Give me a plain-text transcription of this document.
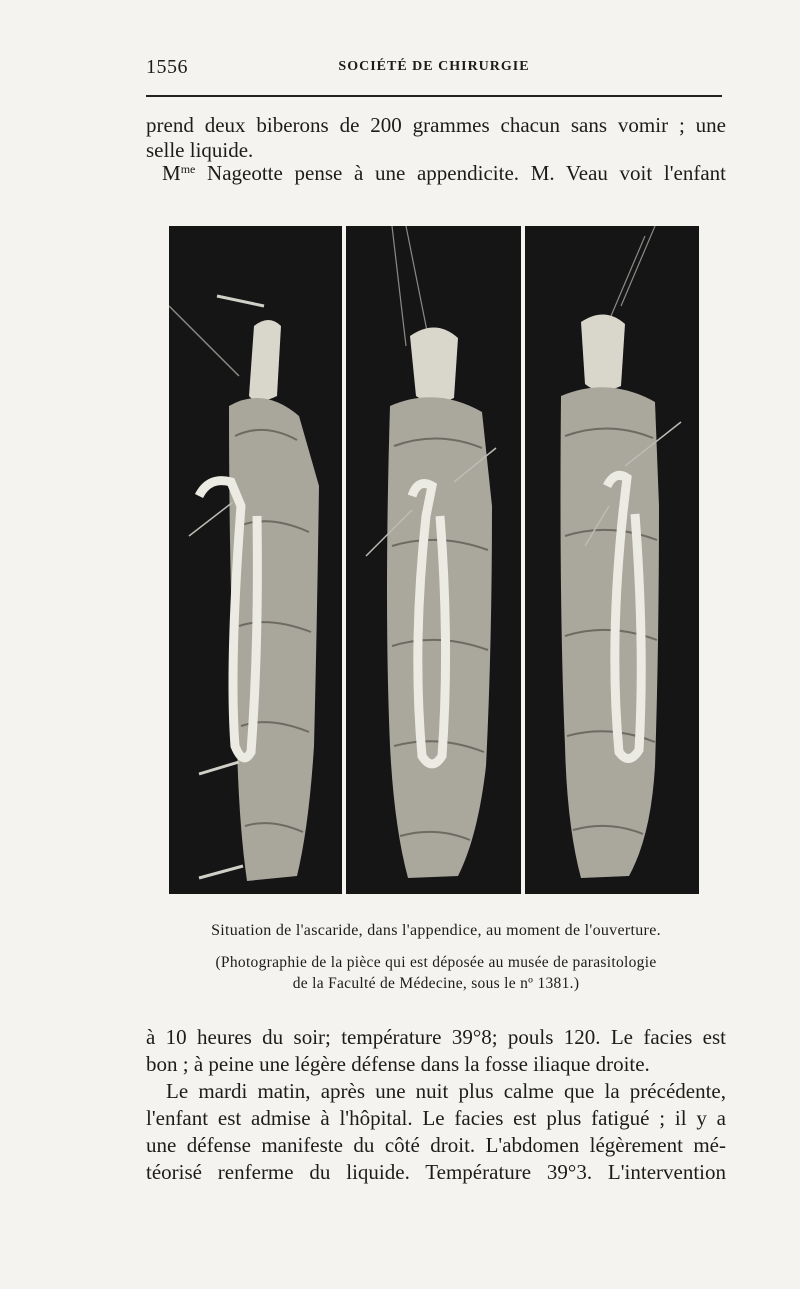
1556	SOCIÉTÉ DE CHIRURGIE
prend deux biberons de 200 grammes chacun sans vomir ; une
selle liquide.
$M^{me}$ Nageotte pense à une appendicite. M. Veau voit l'enfant
Situation de l'ascaride, dans l'appendice, au moment de l'ouverture.
(Photographie de la pièce qui est déposée au musée de parasitologie
de la Faculté de Médecine, sous le nº 1381.)
à 10 heures du soir; température 39°8; pouls 120. Le facies est
bon ; à peine une légère défense dans la fosse iliaque droite.
Le mardi matin, après une nuit plus calme que la précédente,
l'enfant est admise à l'hôpital. Le facies est plus fatigué ; il y a
une défense manifeste du côté droit. L'abdomen légèrement mé-
téorisé renferme du liquide. Température 39°3. L'intervention
